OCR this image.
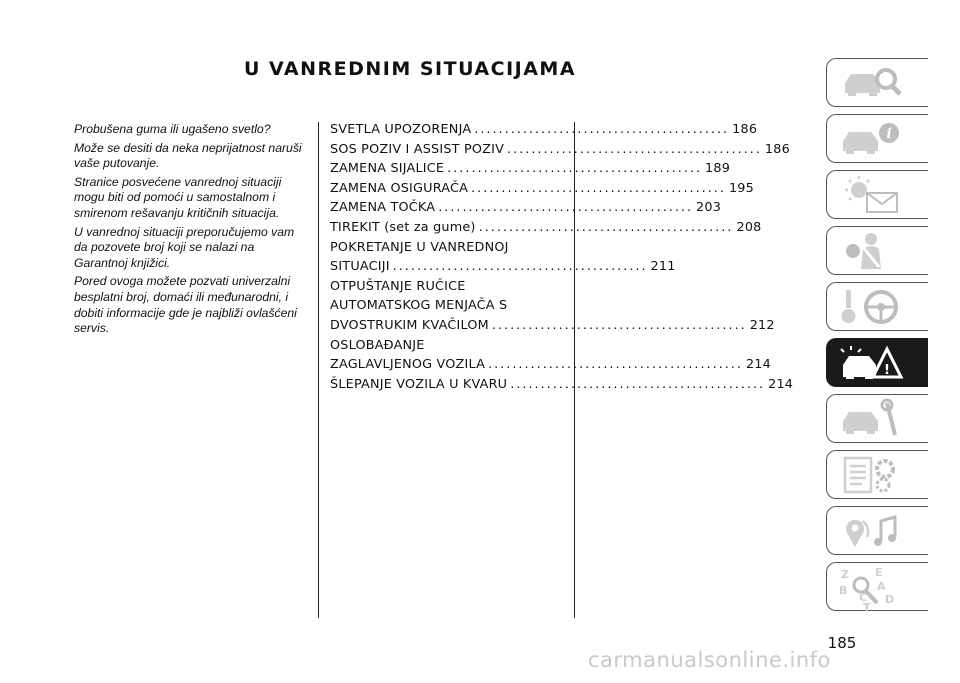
U VANREDNIM SITUACIJAMA

Probušena guma ili ugašeno svetlo?

Može se desiti da neka neprijatnost naruši vaše putovanje.

Stranice posvećene vanrednoj situaciji mogu biti od pomoći u samostalnom i smirenom rešavanju kritičnih situacija.

U vanrednoj situaciji preporučujemo vam da pozovete broj koji se nalazi na Garantnoj knjižici.

Pored ovoga možete pozvati univerzalni besplatni broj, domaći ili međunarodni, i dobiti informacije gde je najbliži ovlašćeni servis.

SVETLA UPOZORENJA .......................................... 186
SOS POZIV I ASSIST POZIV .......................................... 186
ZAMENA SIJALICE .......................................... 189
ZAMENA OSIGURAČA .......................................... 195
ZAMENA TOČKA .......................................... 203
TIREKIT (set za gume) .......................................... 208
POKRETANJE U VANREDNOJ
SITUACIJI .......................................... 211
OTPUŠTANJE RUČICE
AUTOMATSKOG MENJAČA S
DVOSTRUKIM KVAČILOM .......................................... 212
OSLOBAĐANJE
ZAGLAVLJENOG VOZILA .......................................... 214
ŠLEPANJE VOZILA U KVARU .......................................... 214
i
!
Z E
A
B
C
T
D
185
carmanualsonline.info
